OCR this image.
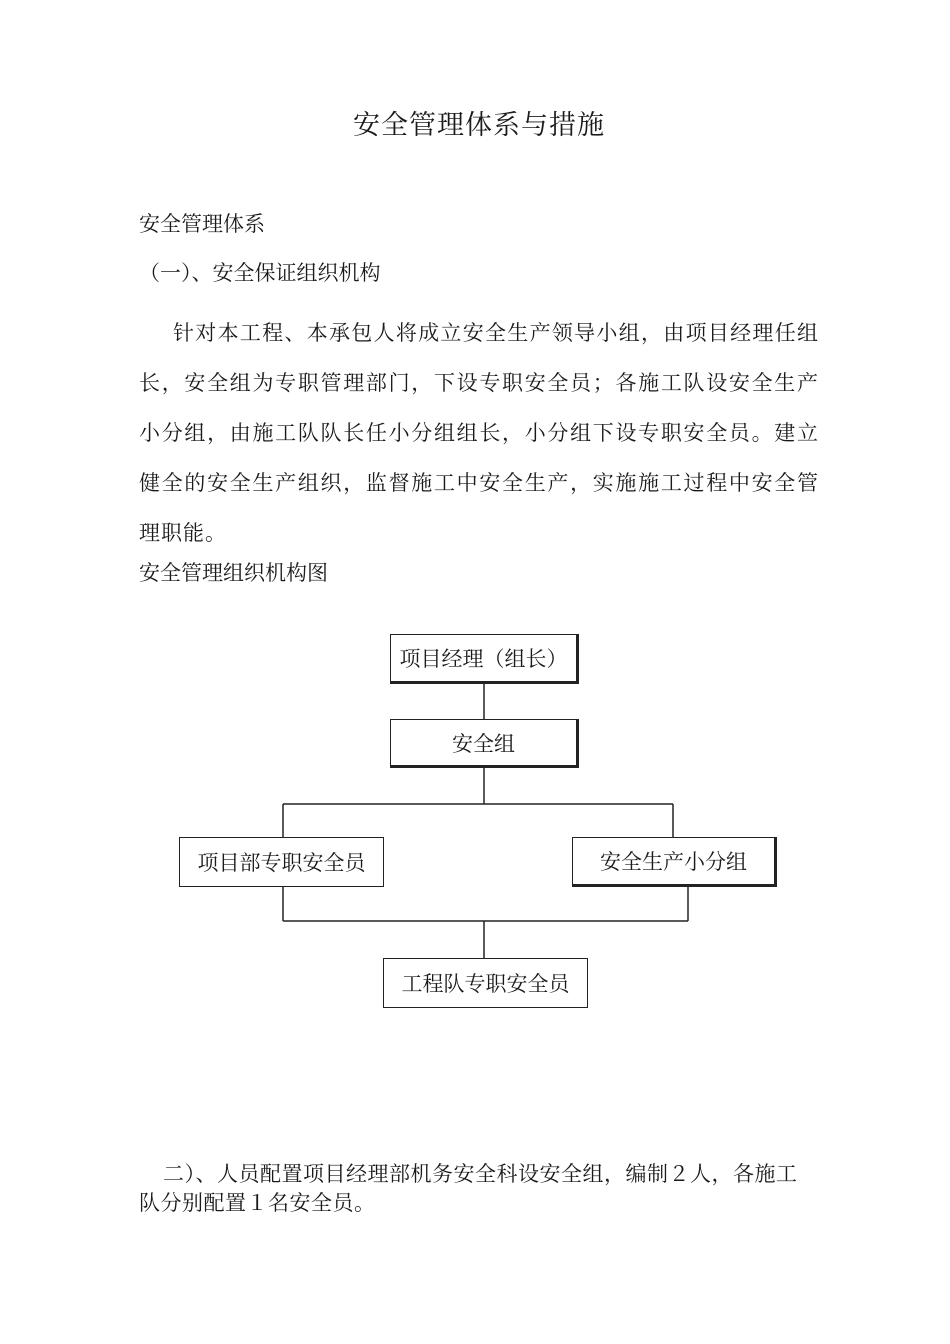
安全管理体系与措施
安全管理体系
（一）、安全保证组织机构
针对本工程、本承包人将成立安全生产领导小组，由项目经理任组长，安全组为专职管理部门，下设专职安全员；各施工队设安全生产小分组，由施工队队长任小分组组长，小分组下设专职安全员。建立健全的安全生产组织，监督施工中安全生产，实施施工过程中安全管理职能。
安全管理组织机构图
项目经理（组长）
安全组
项目部专职安全员	安全生产小分组
工程队专职安全员
二）、人员配置项目经理部机务安全科设安全组，编制２人，各施工队分别配置１名安全员。
